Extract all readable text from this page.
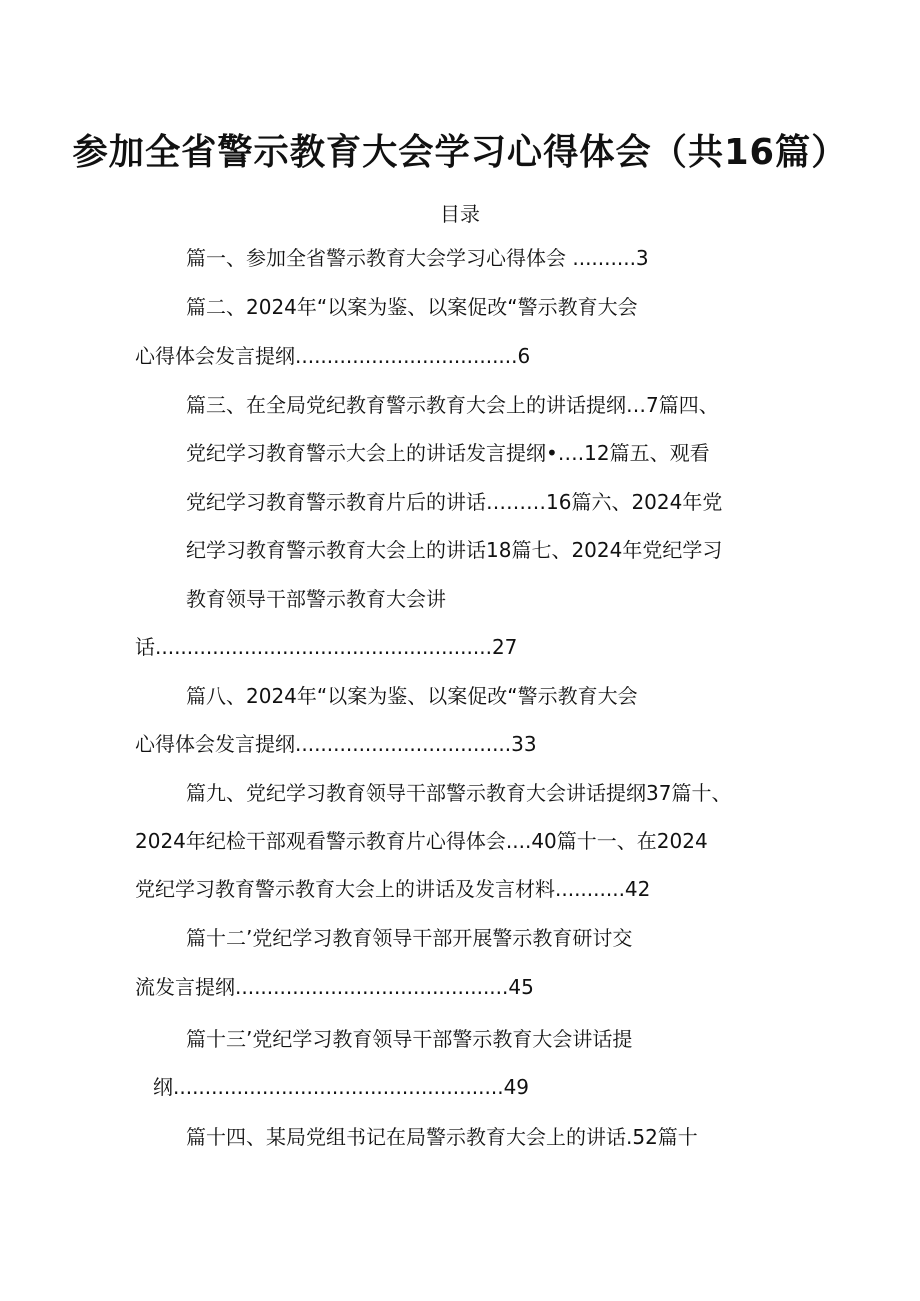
参加全省警示教育大会学习心得体会（共16篇）
目录
篇一、参加全省警示教育大会学习心得体会 ..........3
篇二、2024年“以案为鉴、以案促改“警示教育大会
心得体会发言提纲...................................6
篇三、在全局党纪教育警示教育大会上的讲话提纲…7篇四、
党纪学习教育警示大会上的讲话发言提纲•….12篇五、观看
党纪学习教育警示教育片后的讲话………16篇六、2024年党
纪学习教育警示教育大会上的讲话18篇七、2024年党纪学习
教育领导干部警示教育大会讲
话.....................................................27
篇八、2024年“以案为鉴、以案促改“警示教育大会
心得体会发言提纲..................................33
篇九、党纪学习教育领导干部警示教育大会讲话提纲37篇十、
2024年纪检干部观看警示教育片心得体会....40篇十一、在2024
党纪学习教育警示教育大会上的讲话及发言材料...........42
篇十二’党纪学习教育领导干部开展警示教育研讨交
流发言提纲...........................................45
篇十三’党纪学习教育领导干部警示教育大会讲话提
纲....................................................49
篇十四、某局党组书记在局警示教育大会上的讲话.52篇十
